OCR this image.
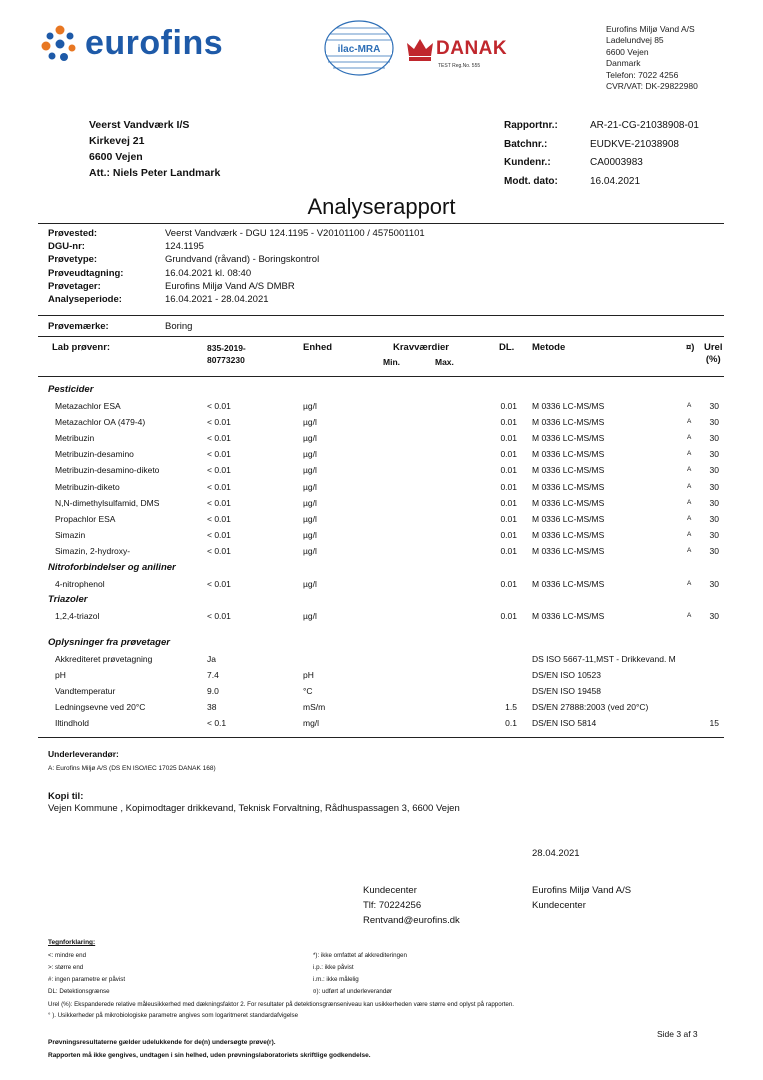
eurofins	ilac-MRA	DANAK
TEST Reg.No. 555
Eurofins Miljø Vand A/S
Ladelundvej 85
6600 Vejen
Danmark
Telefon: 7022 4256
CVR/VAT: DK-29822980
Veerst Vandværk I/S
Kirkevej 21
6600 Vejen
Att.: Niels Peter Landmark
Rapportnr.:	AR-21-CG-21038908-01
Batchnr.:	EUDKVE-21038908
Kundenr.:	CA0003983
Modt. dato:	16.04.2021
Analyserapport
Prøvested:	Veerst Vandværk - DGU 124.1195 - V20101100 / 4575001101
DGU-nr:	124.1195
Prøvetype:	Grundvand (råvand) - Boringskontrol
Prøveudtagning:	16.04.2021 kl. 08:40
Prøvetager:	Eurofins Miljø Vand A/S DMBR
Analyseperiode:	16.04.2021 - 28.04.2021
Prøvemærke:	Boring
Lab prøvenr:	835-2019-
80773230
Enhed	Kravværdier
Min.	Max.
DL. Metode	¤) Urel
(%)
Pesticider
Metazachlor ESA	< 0.01	µg/l	0.01 M 0336 LC-MS/MS	A 30
Metazachlor OA (479-4)	< 0.01	µg/l	0.01 M 0336 LC-MS/MS	A 30
Metribuzin	< 0.01	µg/l	0.01 M 0336 LC-MS/MS	A 30
Metribuzin-desamino	< 0.01	µg/l	0.01 M 0336 LC-MS/MS	A 30
Metribuzin-desamino-diketo	< 0.01	µg/l	0.01 M 0336 LC-MS/MS	A 30
Metribuzin-diketo	< 0.01	µg/l	0.01 M 0336 LC-MS/MS	A 30
N,N-dimethylsulfamid, DMS	< 0.01	µg/l	0.01 M 0336 LC-MS/MS	A 30
Propachlor ESA	< 0.01	µg/l	0.01 M 0336 LC-MS/MS	A 30
Simazin	< 0.01	µg/l	0.01 M 0336 LC-MS/MS	A 30
Simazin, 2-hydroxy-	< 0.01	µg/l	0.01 M 0336 LC-MS/MS	A 30
Nitroforbindelser og aniliner
4-nitrophenol	< 0.01	µg/l	0.01 M 0336 LC-MS/MS	A 30
Triazoler
1,2,4-triazol	< 0.01	µg/l	0.01 M 0336 LC-MS/MS	A 30
Oplysninger fra prøvetager
Akkrediteret prøvetagning	Ja	DS ISO 5667-11,MST - Drikkevand. M
pH	7.4	pH	DS/EN ISO 10523
Vandtemperatur	9.0	°C	DS/EN ISO 19458
Ledningsevne ved 20°C	38	mS/m	1.5 DS/EN 27888:2003 (ved 20°C)
Iltindhold	< 0.1	mg/l	0.1 DS/EN ISO 5814	15
Underleverandør:
A: Eurofins Miljø A/S (DS EN ISO/IEC 17025 DANAK 168)
Kopi til:
Vejen Kommune , Kopimodtager drikkevand, Teknisk Forvaltning, Rådhuspassagen 3, 6600 Vejen
28.04.2021
Kundecenter
Tlf: 70224256
Rentvand@eurofins.dk
Eurofins Miljø Vand A/S
Kundecenter
Tegnforklaring:
<: mindre end
>: større end
#: ingen parametre er påvist
DL: Detektionsgrænse
*): ikke omfattet af akkrediteringen
i.p.: ikke påvist
i.m.: ikke målelig
¤): udført af underleverandør
Urel (%): Ekspanderede relative måleusikkerhed med dækningsfaktor 2. For resultater på detektionsgrænseniveau kan usikkerheden være større end oplyst på rapporten.
° ). Usikkerheder på mikrobiologiske parametre angives som logaritmeret standardafvigelse
Side 3 af 3
Prøvningsresultaterne gælder udelukkende for de(n) undersøgte prøve(r).
Rapporten må ikke gengives, undtagen i sin helhed, uden prøvningslaboratoriets skriftlige godkendelse.
